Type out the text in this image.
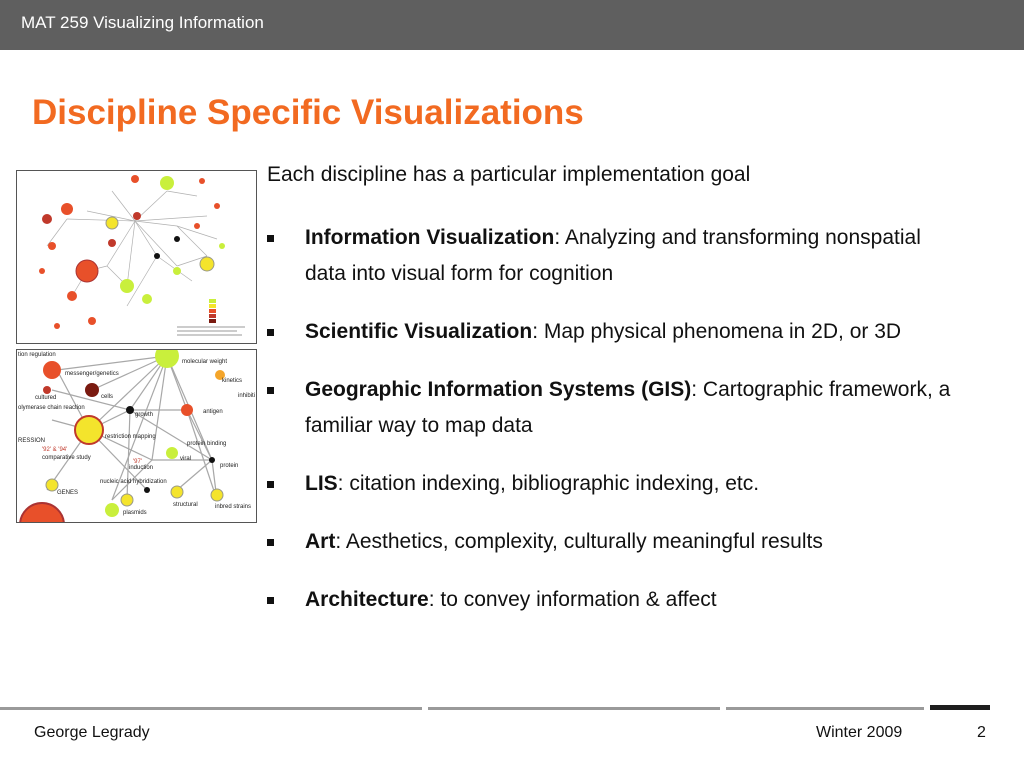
MAT 259 Visualizing Information
Discipline Specific Visualizations
tion regulation
messenger/genetics
cultured	cells
olymerase chain reaction
growth	antigen
molecular weight
kinetics
inhibiti
restriction mapping
protein binding
RESSION
'92' & '94'
comparative study
'97'
induction
viral
protein
nucleic acid hybridization
GENES
structural	inbred strains
plasmids
Each discipline has a particular implementation goal
Information Visualization: Analyzing and transforming nonspatial data into visual form for cognition
Scientific Visualization: Map physical phenomena in 2D, or 3D
Geographic Information Systems (GIS): Cartographic framework, a familiar way to map data
LIS: citation indexing, bibliographic indexing, etc.
Art: Aesthetics, complexity, culturally meaningful results
Architecture: to convey information & affect
George Legrady	Winter 2009	2
